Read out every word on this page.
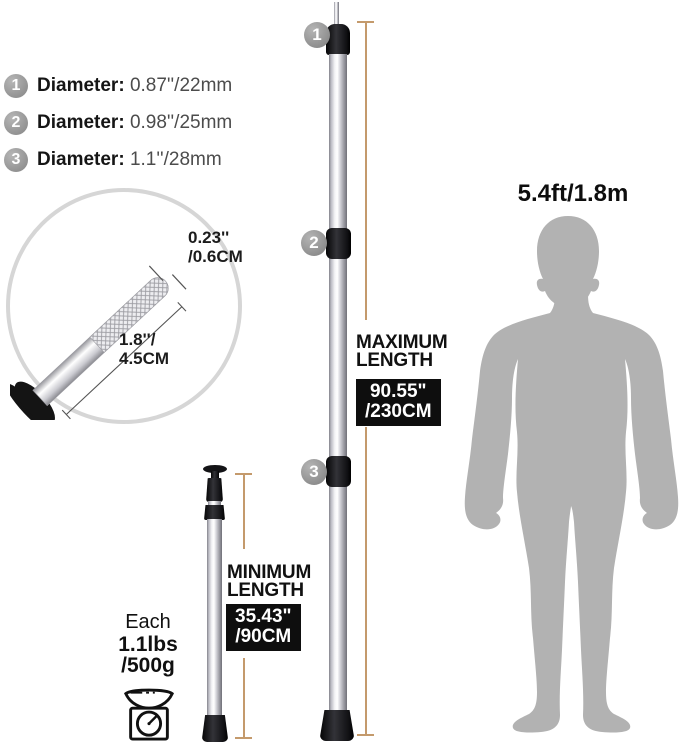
1 Diameter: 0.87''/22mm
2 Diameter: 0.98''/25mm
3 Diameter: 1.1''/28mm
0.23''
/0.6CM
1.8''/
4.5CM
1
2
3
MAXIMUM
LENGTH
90.55"
/230CM
MINIMUM
LENGTH
35.43"
/90CM
Each
1.1lbs
/500g
5.4ft/1.8m
